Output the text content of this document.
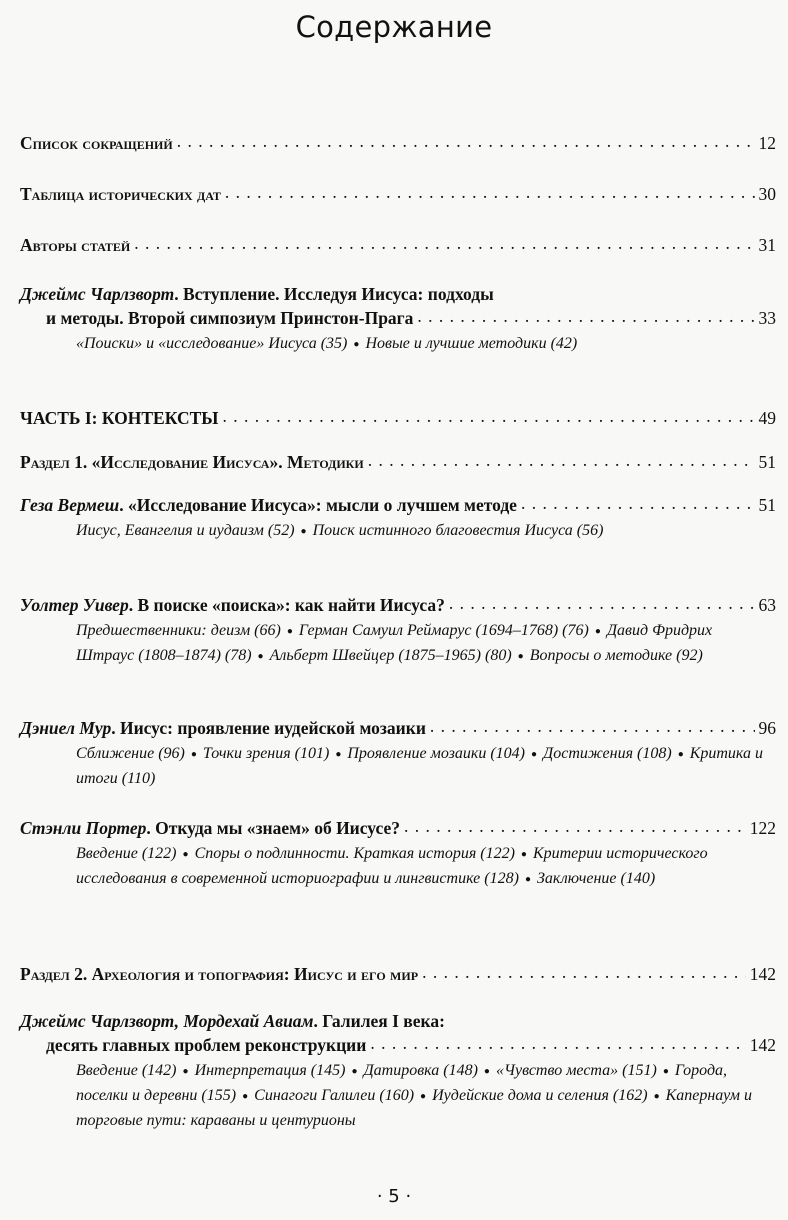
Содержание
Список сокращений . . .	12
Таблица исторических дат . . .	30
Авторы статей . . .	31
Джеймс Чарлзворт . Вступление. Исследуя Иисуса: подходы
и методы. Второй симпозиум Принстон-Прага . . .	33
«Поиски» и «исследование» Иисуса (35) ● Новые и лучшие методики (42)
ЧАСТЬ I: КОНТЕКСТЫ . . .	49
Раздел 1. «Исследование Иисуса». Методики . . .	51
Геза Вермеш . «Исследование Иисуса»: мысли о лучшем методе . . .	51
Иисус, Евангелия и иудаизм (52) ● Поиск истинного благовестия Иисуса (56)
Уолтер Уивер . В поиске «поиска»: как найти Иисуса? . . .	63
Предшественники: деизм (66) ● Герман Самуил Реймарус (1694–1768) (76) ● Давид Фридрих Штраус (1808–1874) (78) ● Альберт Швейцер (1875–1965) (80) ● Вопросы о методике (92)
Дэниел Мур . Иисус: проявление иудейской мозаики . . .	96
Сближение (96) ● Точки зрения (101) ● Проявление мозаики (104) ● Достижения (108) ● Критика и итоги (110)
Стэнли Портер . Откуда мы «знаем» об Иисусе? . . .	122
Введение (122) ● Споры о подлинности. Краткая история (122) ● Критерии исторического исследования в современной историографии и лингвистике (128) ● Заключение (140)
Раздел 2. Археология и топография: Иисус и его мир . . .	142
Джеймс Чарлзворт, Мордехай Авиам . Галилея I века:
десять главных проблем реконструкции . . .	142
Введение (142) ● Интерпретация (145) ● Датировка (148) ● «Чувство места» (151) ● Города, поселки и деревни (155) ● Синагоги Галилеи (160) ● Иудейские дома и селения (162) ● Капернаум и торговые пути: караваны и центурионы
· 5 ·
